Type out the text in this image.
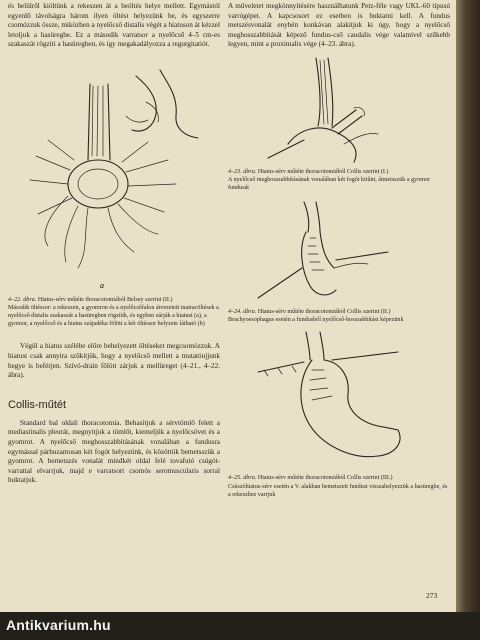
és belülről kiöltünk a rekeszen át a beöltés helye mellett. Egymástól egyenlő távolságra három ilyen öltést helyezünk be, és egyszerre csomózzuk össze, miközben a nyelőcső distalis végét a hiatuson át kézzel letoljuk a hasüregbe. Ez a második varratsor a nyelőcső 4–5 cm-es szakaszát rögzíti a hasüregben, és így megakadályozza a regurgitatiót.

a

4–22. ábra. Hiatus-sérv műtéte thoracotomiából Belsey szerint (II.)

Második öltéssor: a rekeszen, a gyomron és a nyelőcsőfalon átvezetett matracöltések a nyelőcső distalis szakaszát a hasüregben rögzítik, és egyben zárják a hiatust (a), a gyomor, a nyelőcső és a hiatus szájadéka fölött a két öltéssor helyzete látható (b)

Végül a hiatus szélébe előre behelyezett öltéseket megcsomózzuk. A hiatust csak annyira szűkítjük, hogy a nyelőcső mellett a mutatóujjunk hegye is beférjen. Szívó-drain fölött zárjuk a mellüreget (4–21., 4–22. ábra).

Collis-műtét

Standard bal oldali thoracotomia. Behasítjuk a sérvtömlő felett a mediastinalis pleurát, megnyitjuk a tömlőt, kiemeljük a nyelőcsövet és a gyomrot. A nyelőcső meghosszabbításának vonalában a fundusra egymással párhuzamosan két fogót helyezünk, és közöttük bemetsszük a gyomrot. A bemetszés vonalát mindkét oldal felé tovafutó csúgót-varrattal elvarrjuk, majd e varratsort csomós seromuscularis sorral huktatjuk.

A műveletet megkönnyítésére használhatunk Petz-féle vagy UKL-60 típusú varrógépet. A kapcsosort ez esetben is buktatni kell. A fundus metszésvonalát enyhén konkávan alakítjuk ki úgy, hogy a nyelőcső meghosszabbítását képező fundus-cső caudalis vége valamivel szűkebb legyen, mint a proximalis vége (4–23. ábra).

4–23. ábra. Hiatus-sérv műtéte thoracotomiából Collis szerint (I.)

A nyelőcső meghosszabbításának vonalában két fogót kitűnt, átmetsszük a gyomor fundusát

4–24. ábra. Hiatus-sérv műtéte thoracotomiából Collis szerint (II.)

Brachyoesophagus esetén a fundusból nyelőcső-hosszabbítást képezünk

4–25. ábra. Hiatus-sérv műtéte thoracotomiából Collis szerint (III.)

Csúszóhiatus-sérv esetén a V. alakban bemetszett fundust visszahelyezzük a hasüregbe, és a rekeszhez varrjuk

273
Antikvarium.hu
